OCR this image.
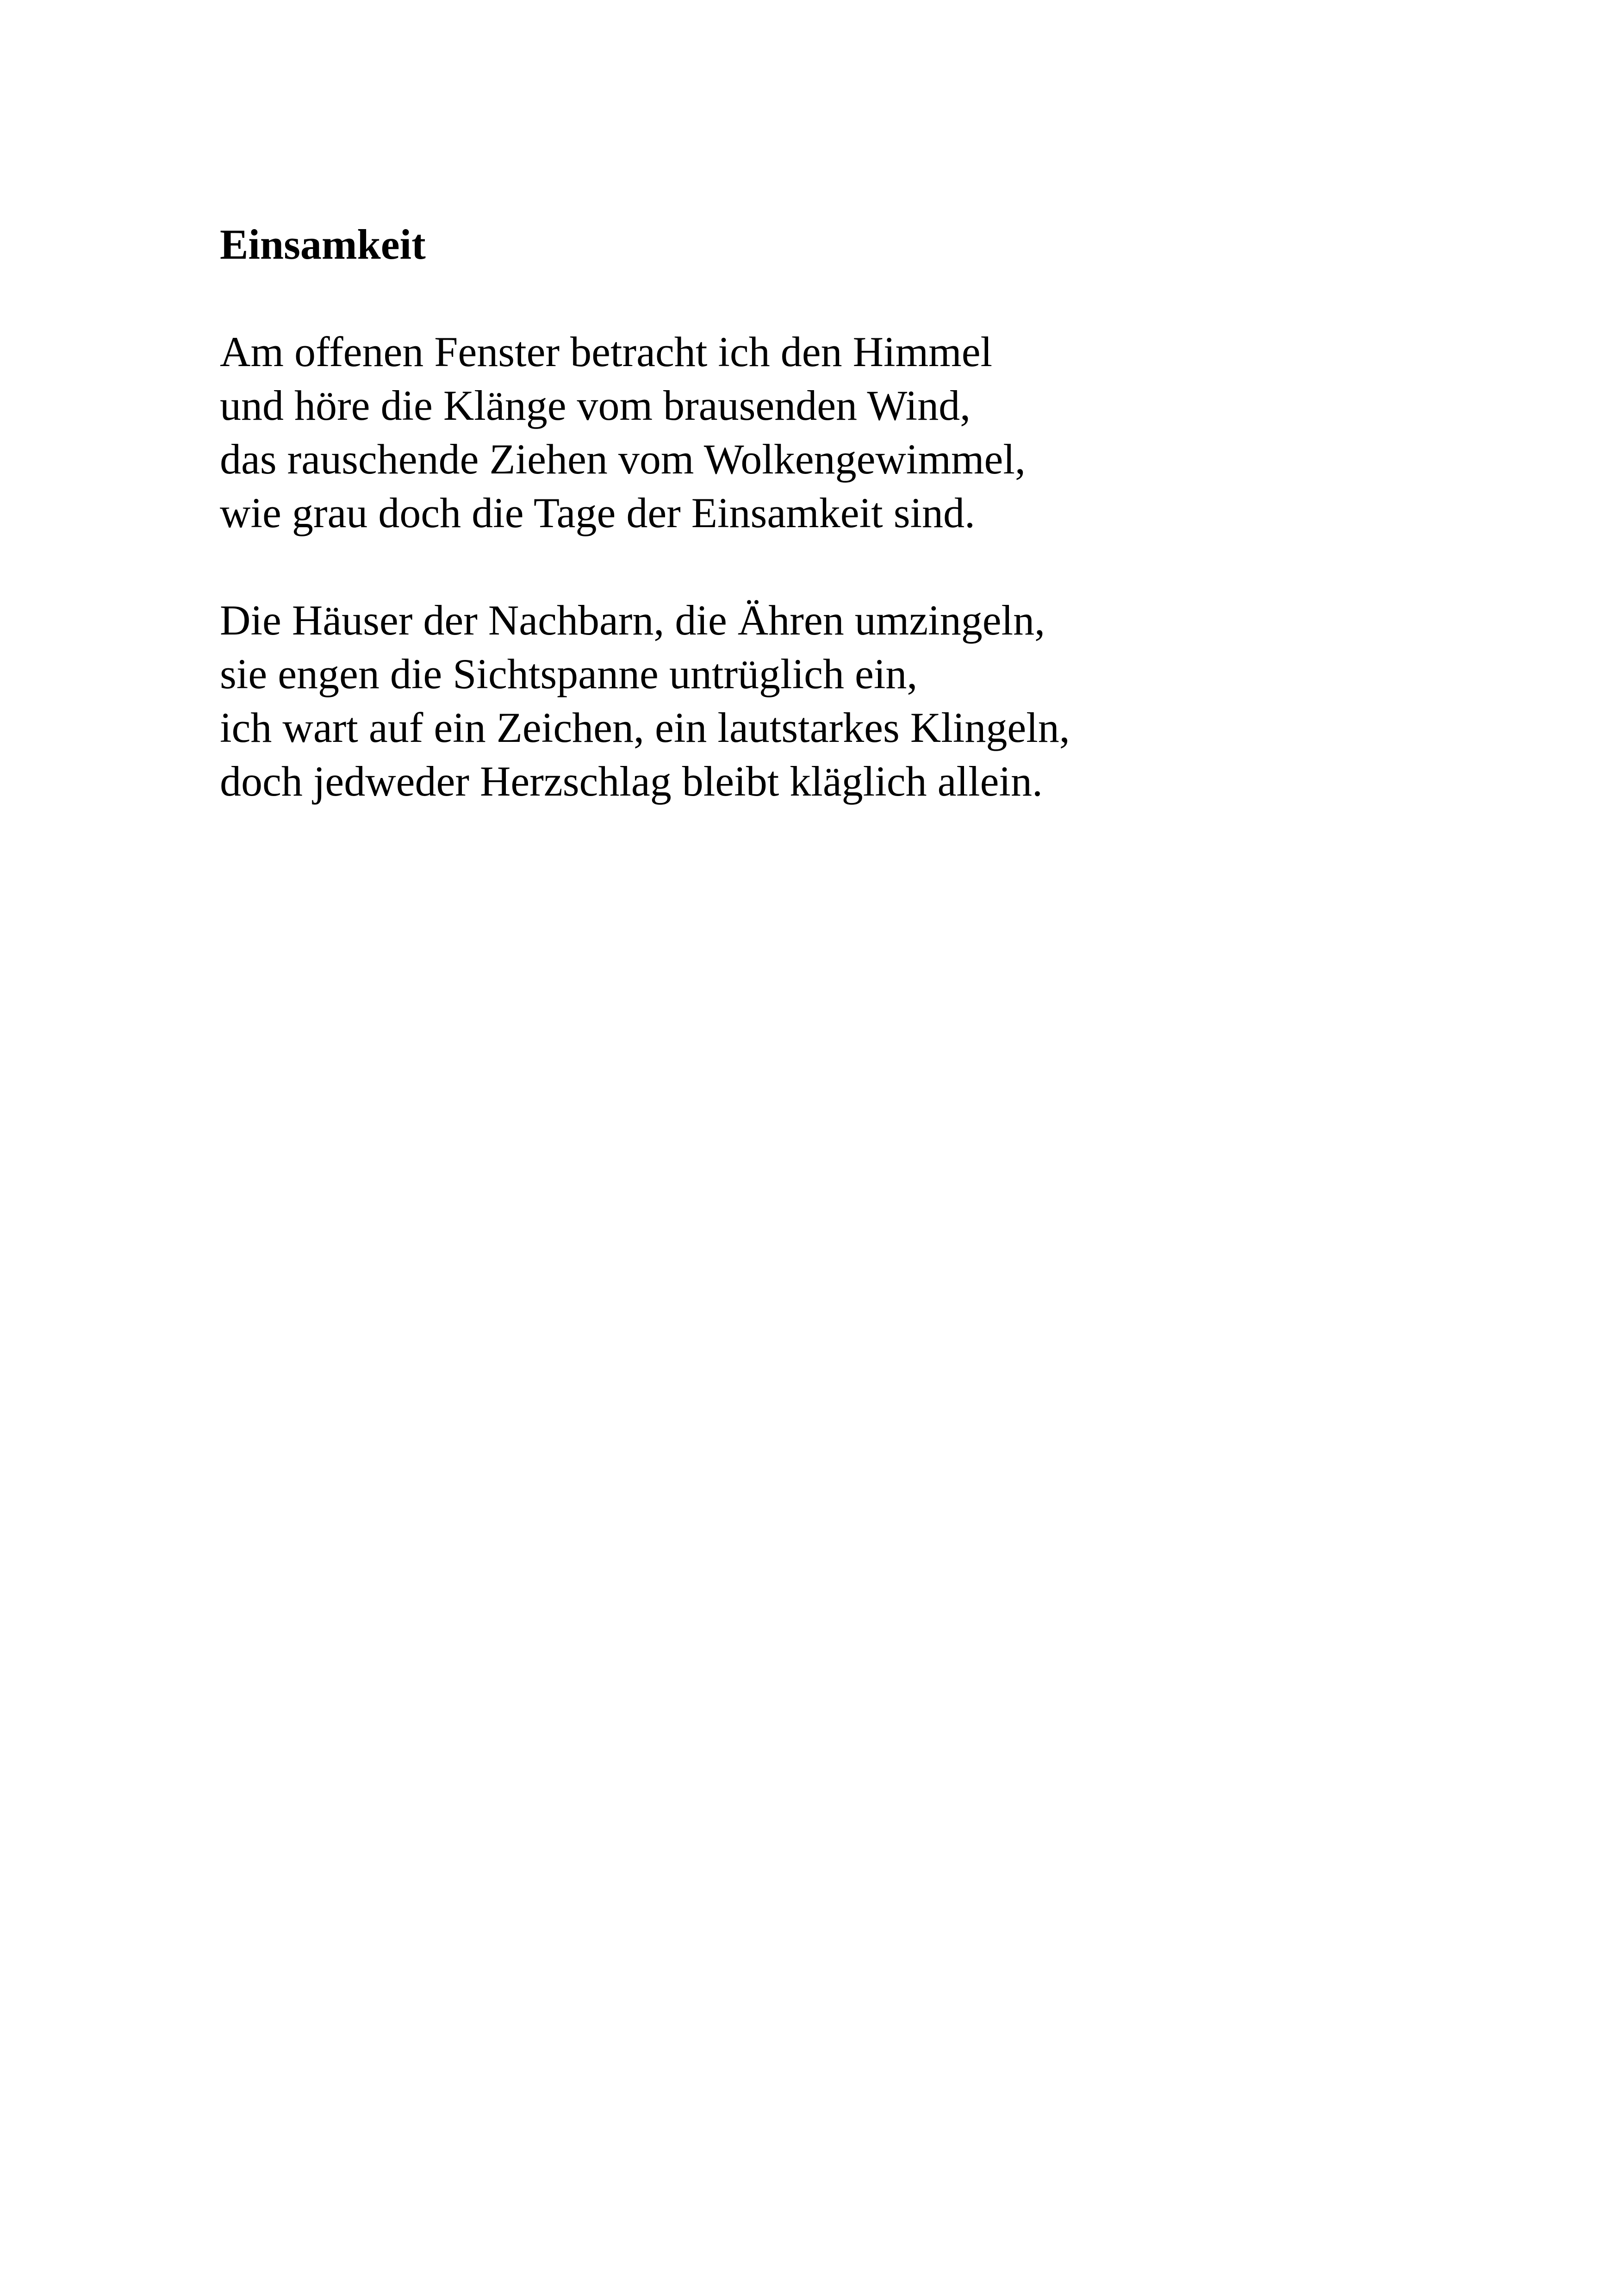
Einsamkeit
Am offenen Fenster betracht ich den Himmel
und höre die Klänge vom brausenden Wind,
das rauschende Ziehen vom Wolkengewimmel,
wie grau doch die Tage der Einsamkeit sind.
Die Häuser der Nachbarn, die Ähren umzingeln,
sie engen die Sichtspanne untrüglich ein,
ich wart auf ein Zeichen, ein lautstarkes Klingeln,
doch jedweder Herzschlag bleibt kläglich allein.
